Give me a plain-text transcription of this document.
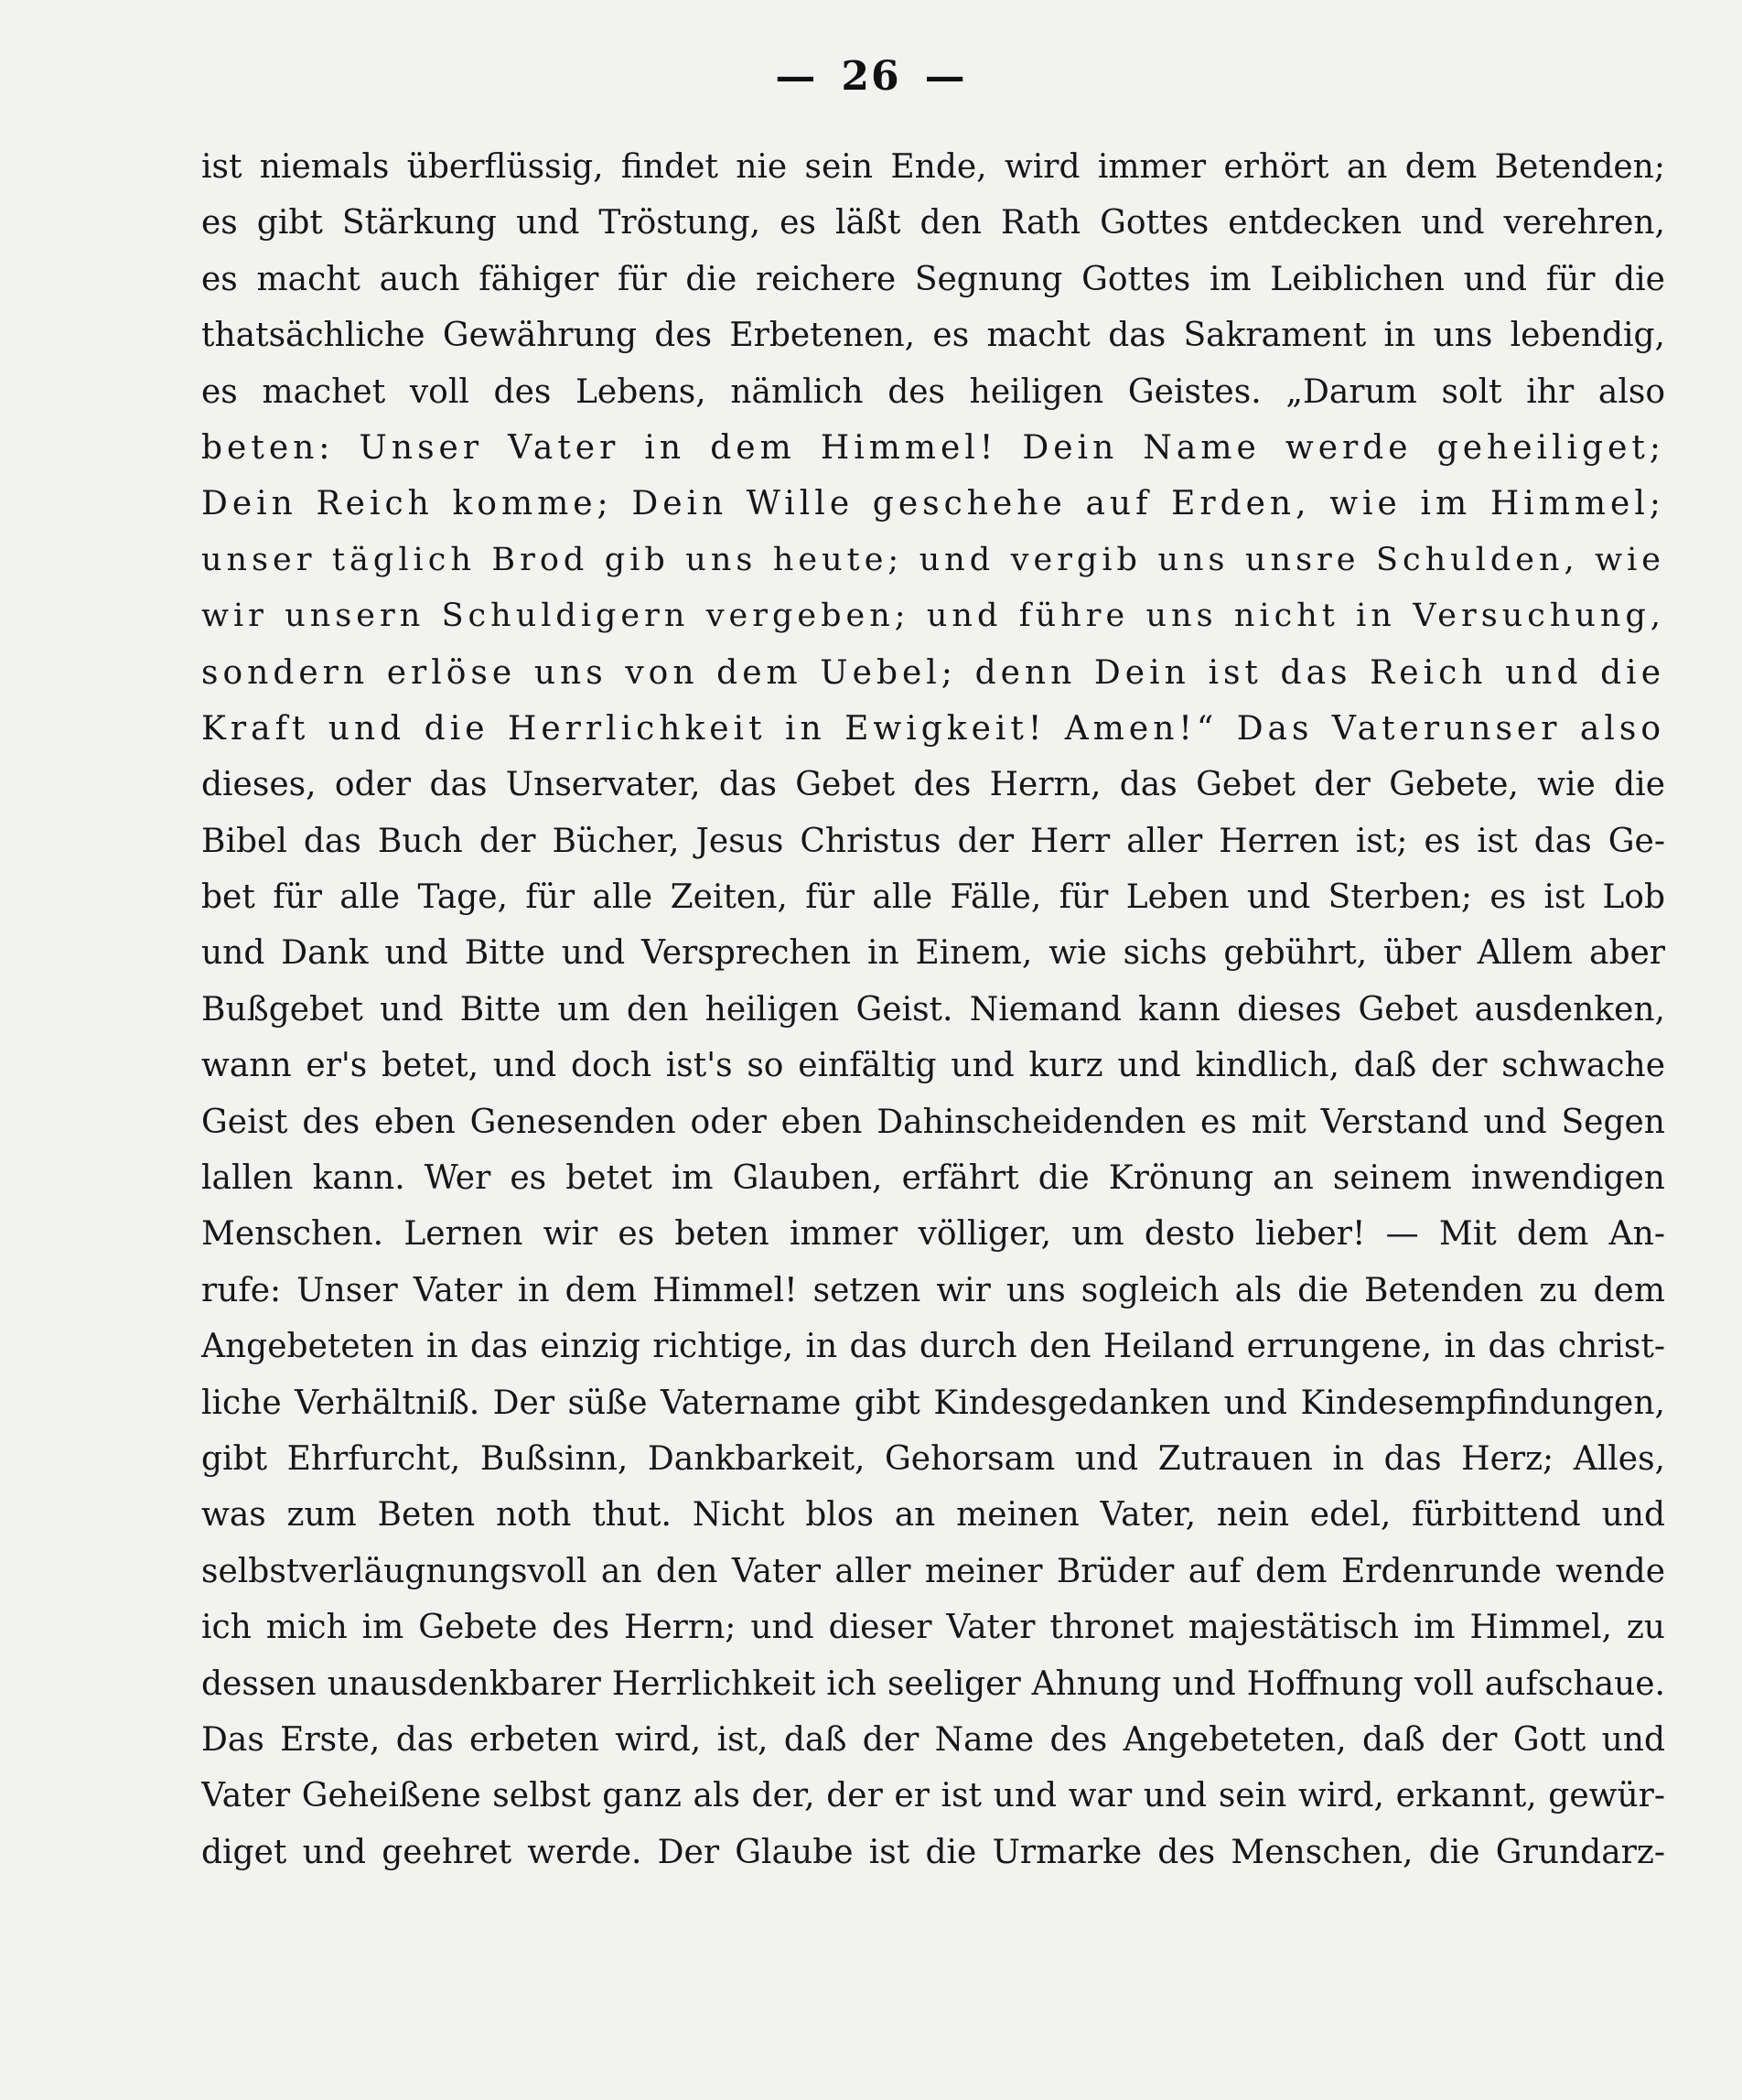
— 26 —
ist niemals überflüssig, findet nie sein Ende, wird immer erhört an dem Betenden;
es gibt Stärkung und Tröstung, es läßt den Rath Gottes entdecken und verehren,
es macht auch fähiger für die reichere Segnung Gottes im Leiblichen und für die
thatsächliche Gewährung des Erbetenen, es macht das Sakrament in uns lebendig,
es machet voll des Lebens, nämlich des heiligen Geistes. „Darum solt ihr also
beten: Unser Vater in dem Himmel! Dein Name werde geheiliget;
Dein Reich komme; Dein Wille geschehe auf Erden, wie im Himmel;
unser täglich Brod gib uns heute; und vergib uns unsre Schulden, wie
wir unsern Schuldigern vergeben; und führe uns nicht in Versuchung,
sondern erlöse uns von dem Uebel; denn Dein ist das Reich und die
Kraft und die Herrlichkeit in Ewigkeit! Amen!“ Das Vaterunser also
dieses, oder das Unservater, das Gebet des Herrn, das Gebet der Gebete, wie die
Bibel das Buch der Bücher, Jesus Christus der Herr aller Herren ist; es ist das Ge-
bet für alle Tage, für alle Zeiten, für alle Fälle, für Leben und Sterben; es ist Lob
und Dank und Bitte und Versprechen in Einem, wie sichs gebührt, über Allem aber
Bußgebet und Bitte um den heiligen Geist. Niemand kann dieses Gebet ausdenken,
wann er's betet, und doch ist's so einfältig und kurz und kindlich, daß der schwache
Geist des eben Genesenden oder eben Dahinscheidenden es mit Verstand und Segen
lallen kann. Wer es betet im Glauben, erfährt die Krönung an seinem inwendigen
Menschen. Lernen wir es beten immer völliger, um desto lieber! — Mit dem An-
rufe: Unser Vater in dem Himmel! setzen wir uns sogleich als die Betenden zu dem
Angebeteten in das einzig richtige, in das durch den Heiland errungene, in das christ-
liche Verhältniß. Der süße Vatername gibt Kindesgedanken und Kindesempfindungen,
gibt Ehrfurcht, Bußsinn, Dankbarkeit, Gehorsam und Zutrauen in das Herz; Alles,
was zum Beten noth thut. Nicht blos an meinen Vater, nein edel, fürbittend und
selbstverläugnungsvoll an den Vater aller meiner Brüder auf dem Erdenrunde wende
ich mich im Gebete des Herrn; und dieser Vater thronet majestätisch im Himmel, zu
dessen unausdenkbarer Herrlichkeit ich seeliger Ahnung und Hoffnung voll aufschaue.
Das Erste, das erbeten wird, ist, daß der Name des Angebeteten, daß der Gott und
Vater Geheißene selbst ganz als der, der er ist und war und sein wird, erkannt, gewür-
diget und geehret werde. Der Glaube ist die Urmarke des Menschen, die Grundarz-
